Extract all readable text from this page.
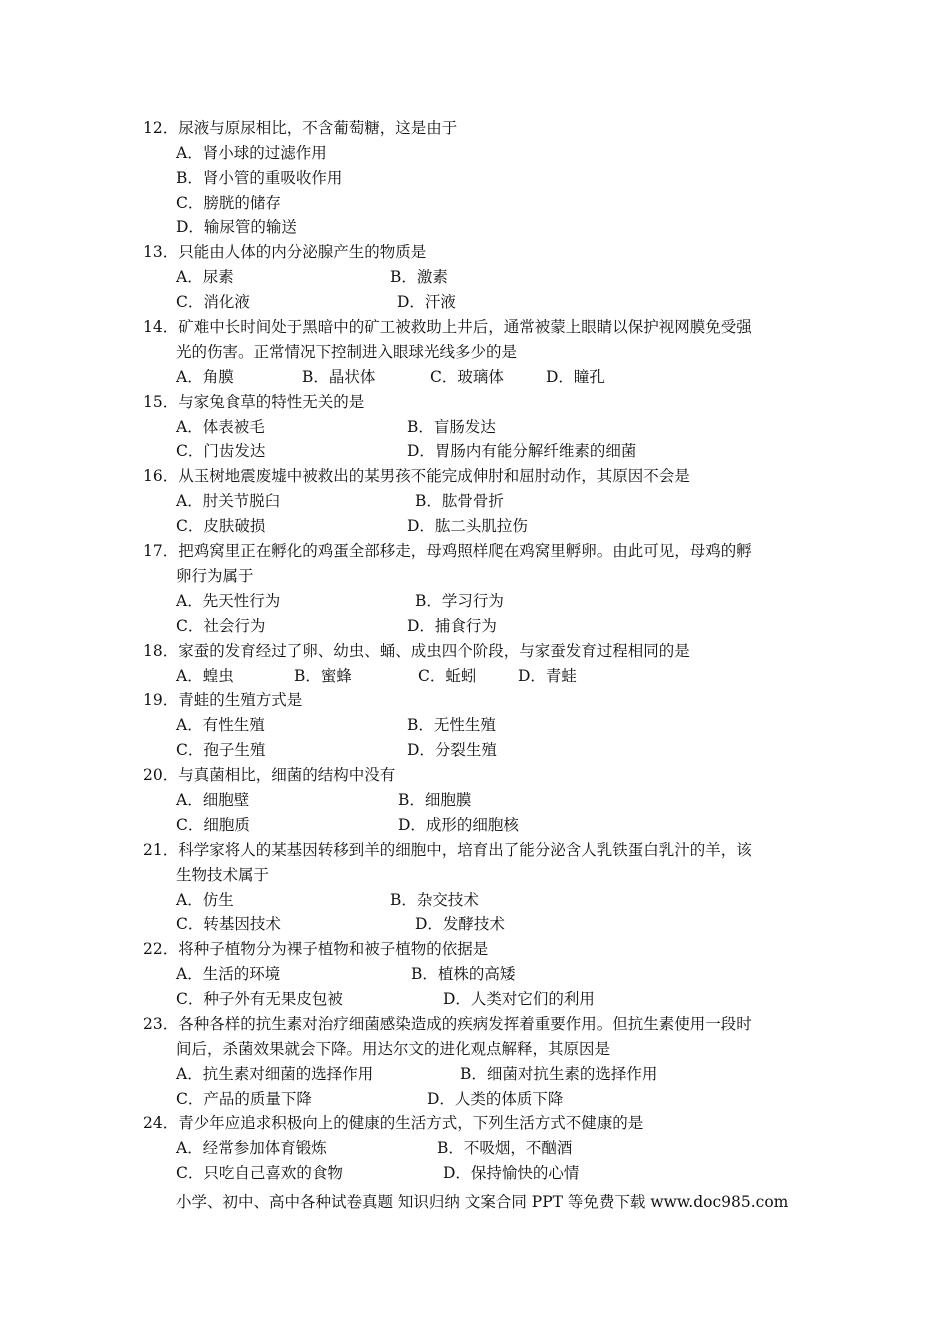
12．尿液与原尿相比，不含葡萄糖，这是由于
A．肾小球的过滤作用
B．肾小管的重吸收作用
C．膀胱的储存
D．输尿管的输送
13．只能由人体的内分泌腺产生的物质是
A．尿素	B．激素
C．消化液	D．汗液
14．矿难中长时间处于黑暗中的矿工被救助上井后，通常被蒙上眼睛以保护视网膜免受强
光的伤害。正常情况下控制进入眼球光线多少的是
A．角膜	B．晶状体	C．玻璃体	D．瞳孔
15．与家兔食草的特性无关的是
A．体表被毛	B．盲肠发达
C．门齿发达	D．胃肠内有能分解纤维素的细菌
16．从玉树地震废墟中被救出的某男孩不能完成伸肘和屈肘动作，其原因不会是
A．肘关节脱臼	B．肱骨骨折
C．皮肤破损	D．肱二头肌拉伤
17．把鸡窝里正在孵化的鸡蛋全部移走，母鸡照样爬在鸡窝里孵卵。由此可见，母鸡的孵
卵行为属于
A．先天性行为	B．学习行为
C．社会行为	D．捕食行为
18．家蚕的发育经过了卵、幼虫、蛹、成虫四个阶段，与家蚕发育过程相同的是
A．蝗虫	B．蜜蜂	C．蚯蚓	D．青蛙
19．青蛙的生殖方式是
A．有性生殖	B．无性生殖
C．孢子生殖	D．分裂生殖
20．与真菌相比，细菌的结构中没有
A．细胞壁	B．细胞膜
C．细胞质	D．成形的细胞核
21．科学家将人的某基因转移到羊的细胞中，培育出了能分泌含人乳铁蛋白乳汁的羊，该
生物技术属于
A．仿生	B．杂交技术
C．转基因技术	D．发酵技术
22．将种子植物分为裸子植物和被子植物的依据是
A．生活的环境	B．植株的高矮
C．种子外有无果皮包被	D．人类对它们的利用
23．各种各样的抗生素对治疗细菌感染造成的疾病发挥着重要作用。但抗生素使用一段时
间后，杀菌效果就会下降。用达尔文的进化观点解释，其原因是
A．抗生素对细菌的选择作用	B．细菌对抗生素的选择作用
C．产品的质量下降	D．人类的体质下降
24．青少年应追求积极向上的健康的生活方式，下列生活方式不健康的是
A．经常参加体育锻炼	B．不吸烟，不酗酒
C．只吃自己喜欢的食物	D．保持愉快的心情
小学、初中、高中各种试卷真题 知识归纳 文案合同 PPT 等免费下载 www.doc985.com
